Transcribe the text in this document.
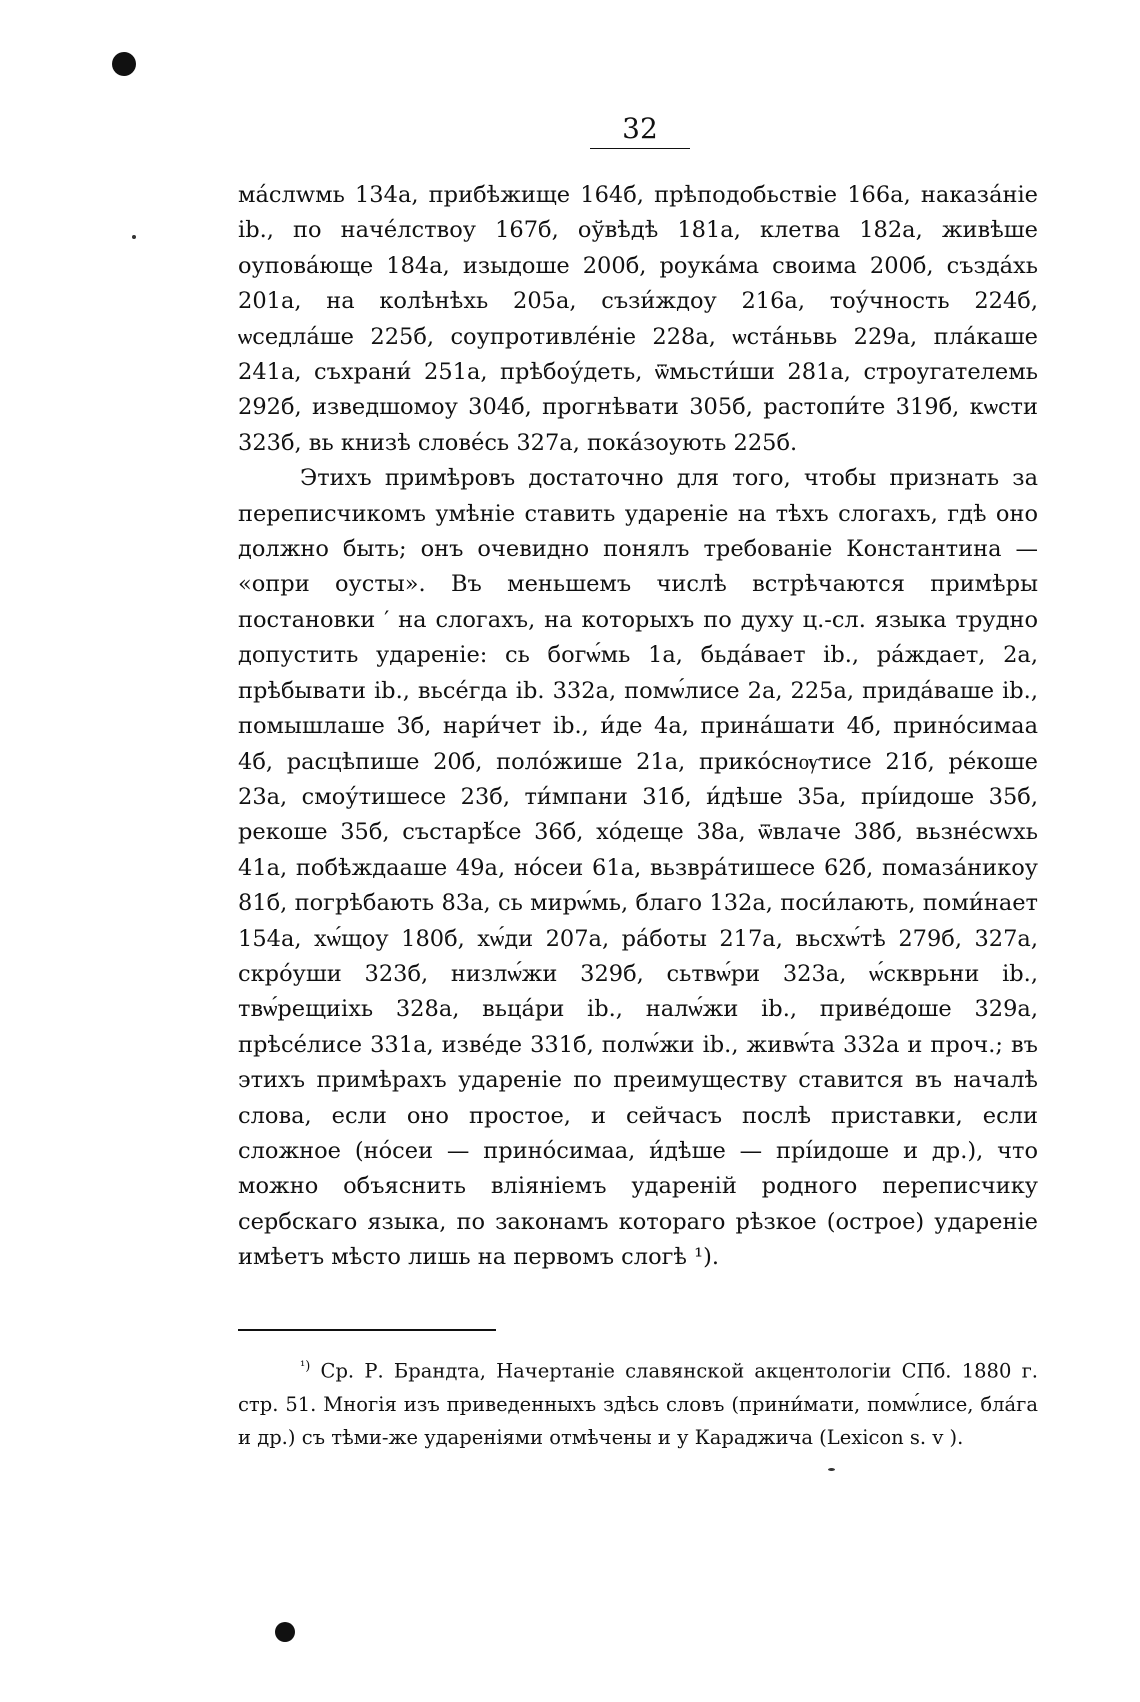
32

ма́слwмь 134а, прибѣжище 164б, прѣподобьствіе 166а, наказа́ніе ib., по наче́лствоу 167б, оўвѣдѣ 181а, клетва 182а, живѣше оупова́юще 184а, изыдоше 200б, роука́ма своима 200б, създа́хь 201а, на колѣнѣхь 205а, съзи́ждоу 216а, тоу́чность 224б, ѡседла́ше 225б, соупротивле́ніе 228а, ѡста́ньвь 229а, пла́каше 241а, съхрани́ 251а, прѣбоу́деть, ѿмьсти́ши 281а, строугателемь 292б, изведшомоу 304б, прогнѣвати 305б, растопи́те 319б, кѡсти 323б, вь книзѣ слове́сь 327а, пока́зоують 225б.

Этихъ примѣровъ достаточно для того, чтобы признать за переписчикомъ умѣніе ставить удареніе на тѣхъ слогахъ, гдѣ оно должно быть; онъ очевидно понялъ требованіе Константина — «опри оусты». Въ меньшемъ числѣ встрѣчаются примѣры постановки ′ на слогахъ, на которыхъ по духу ц.-сл. языка трудно допустить удареніе: сь богѡ́мь 1а, бьда́вает ib., ра́ждает, 2а, прѣбывати ib., вьсе́гда ib. 332а, помѡ́лисе 2а, 225а, прида́ваше ib., помышлаше 3б, нари́чет ib., и́де 4а, прина́шати 4б, прино́симаа 4б, расцѣпише 20б, поло́жише 21а, прико́снѹтисе 21б, ре́коше 23а, смоу́тишесе 23б, ти́мпани 31б, и́дѣше 35а, прі́идоше 35б, рекоше 35б, състарѣ́се 36б, хо́деще 38а, ѿвлаче 38б, вьзне́сwхь 41а, побѣждааше 49а, но́сеи 61а, вьзвра́тишесе 62б, помаза́никоу 81б, погрѣбають 83а, сь мирѡ́мь, благо 132а, поси́лають, поми́нает 154а, хѡ́щоу 180б, хѡ́ди 207а, ра́боты 217а, вьсхѡ́тѣ 279б, 327а, скро́уши 323б, низлѡ́жи 329б, сьтвѡ́ри 323а, ѡ́скврьни ib., твѡ́рещиіхь 328а, вьца́ри ib., налѡ́жи ib., приве́доше 329а, прѣсе́лисе 331а, изве́де 331б, полѡ́жи ib., живѡ́та 332а и проч.; въ этихъ примѣрахъ удареніе по преимуществу ставится въ началѣ слова, если оно простое, и сейчасъ послѣ приставки, если сложное (но́сеи — прино́симаа, и́дѣше — прі́идоше и др.), что можно объяснить вліяніемъ удареній родного переписчику сербскаго языка, по законамъ котораго рѣзкое (острое) удареніе имѣетъ мѣсто лишь на первомъ слогѣ ¹).

$^{^1)}$ Ср. Р. Брандта, Начертаніе славянской акцентологіи СПб. 1880 г. стр. 51. Многія изъ приведенныхъ здѣсь словъ (прини́мати, помѡ́лисе, бла́га и др.) съ тѣми-же удареніями отмѣчены и у Караджича (Lexicon s. v ).
